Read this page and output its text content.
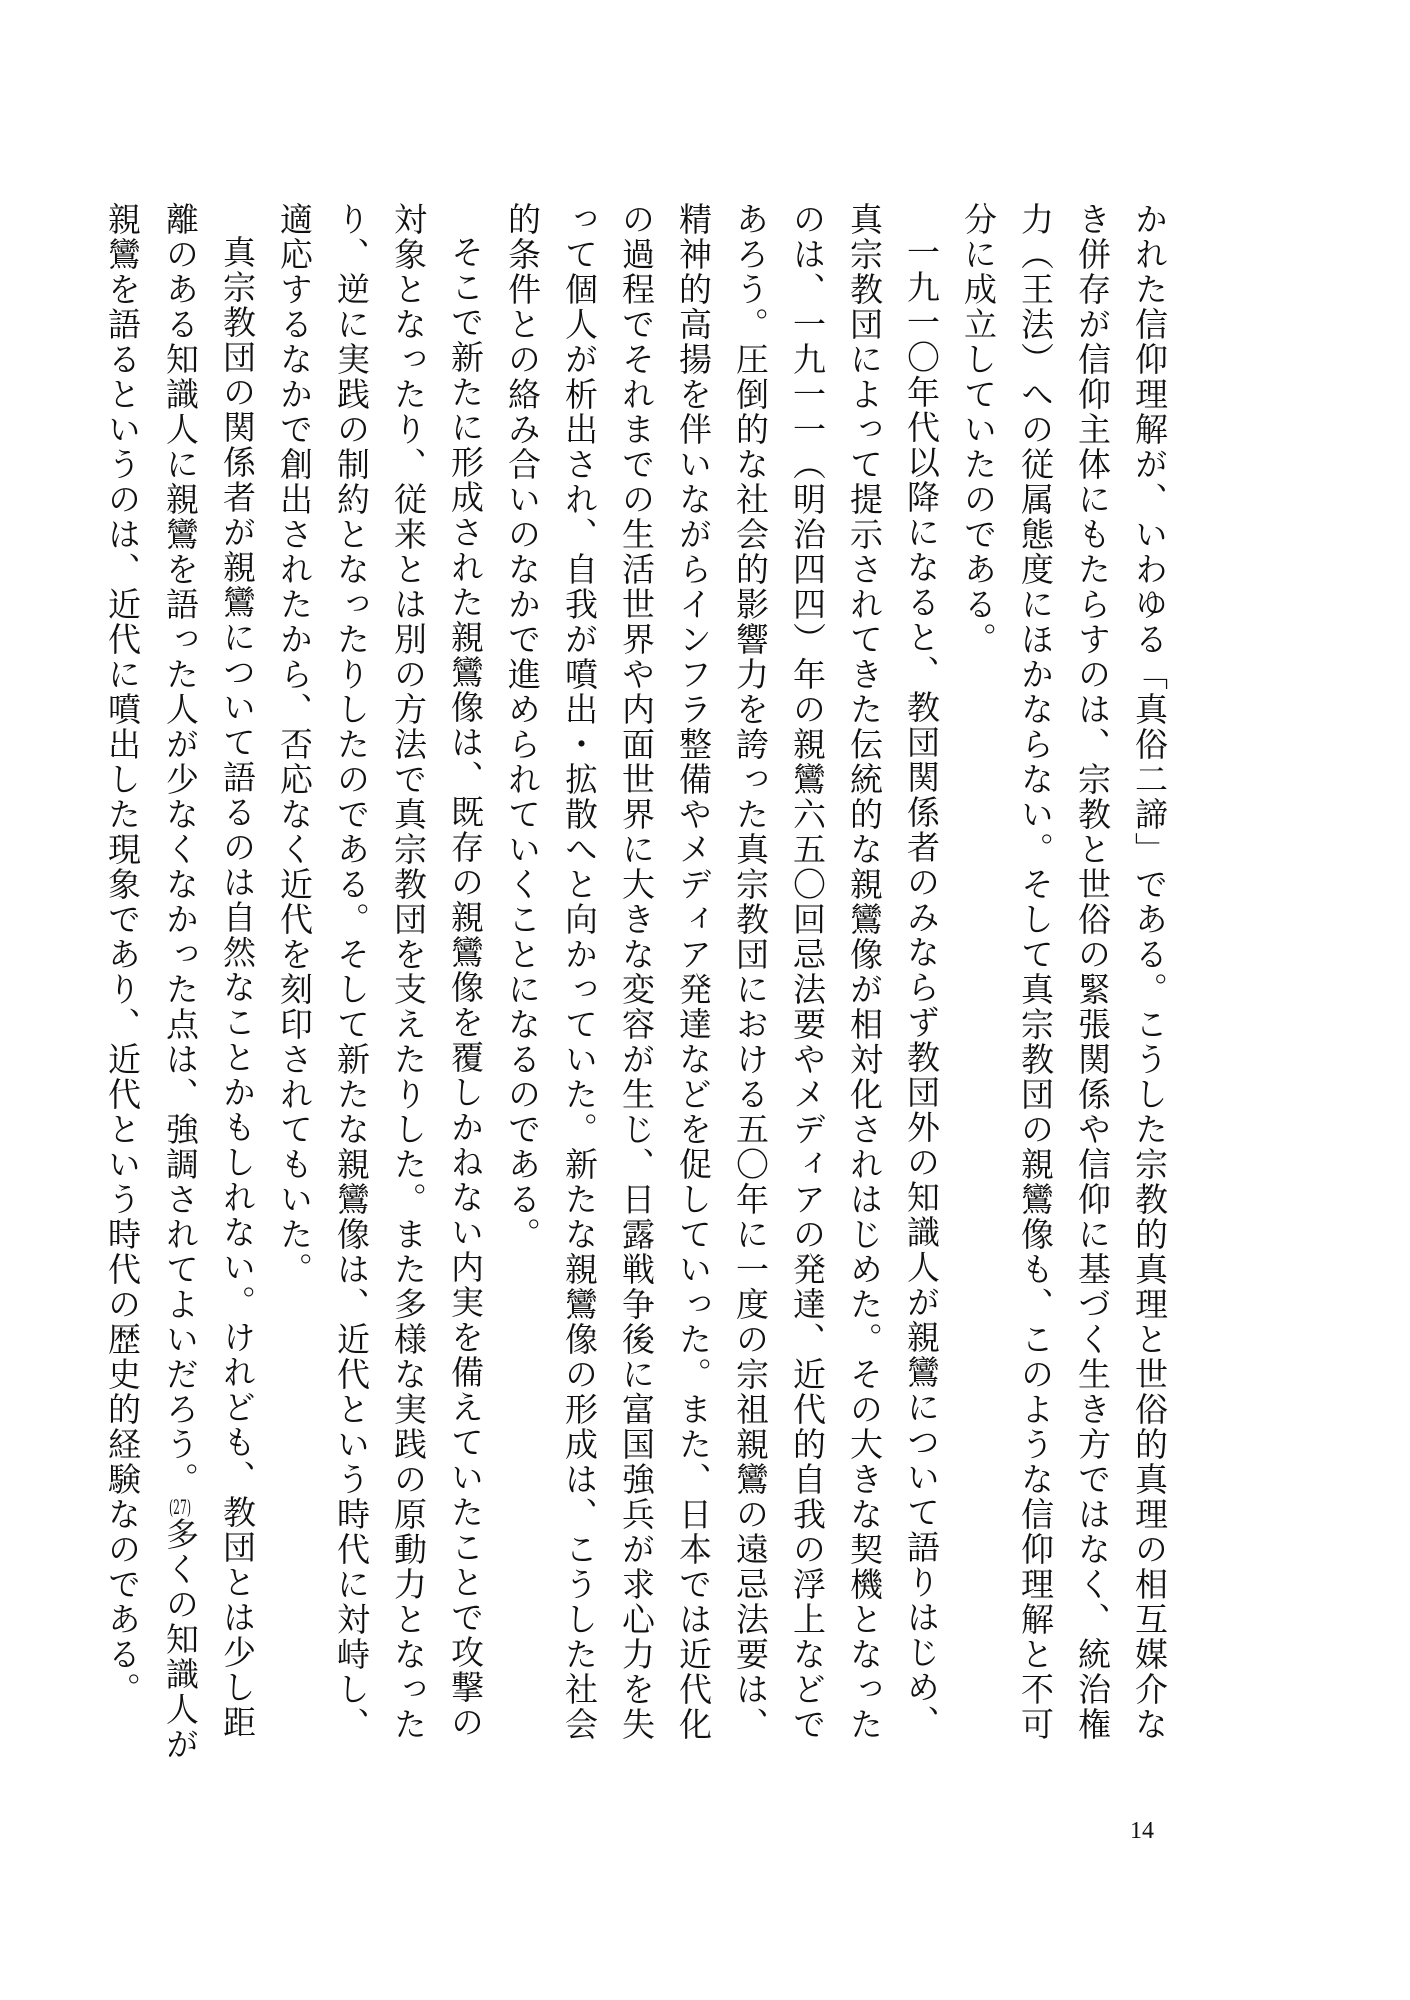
かれた信仰理解が、いわゆる「真俗二諦」である。こうした宗教的真理と世俗的真理の相互媒介なき併存が信仰主体にもたらすのは、宗教と世俗の緊張関係や信仰に基づく生き方ではなく、統治権力（王法）への従属態度にほかならない。そして真宗教団の親鸞像も、このような信仰理解と不可分に成立していたのである。

一九一〇年代以降になると、教団関係者のみならず教団外の知識人が親鸞について語りはじめ、真宗教団によって提示されてきた伝統的な親鸞像が相対化されはじめた。その大きな契機となったのは、一九一一（明治四四）年の親鸞六五〇回忌法要やメディアの発達、近代的自我の浮上などであろう。圧倒的な社会的影響力を誇った真宗教団における五〇年に一度の宗祖親鸞の遠忌法要は、精神的高揚を伴いながらインフラ整備やメディア発達などを促していった。また、日本では近代化の過程でそれまでの生活世界や内面世界に大きな変容が生じ、日露戦争後に富国強兵が求心力を失って個人が析出され、自我が噴出・拡散へと向かっていた。新たな親鸞像の形成は、こうした社会的条件との絡み合いのなかで進められていくことになるのである。

そこで新たに形成された親鸞像は、既存の親鸞像を覆しかねない内実を備えていたことで攻撃の対象となったり、従来とは別の方法で真宗教団を支えたりした。また多様な実践の原動力となったり、逆に実践の制約となったりしたのである。そして新たな親鸞像は、近代という時代に対峙し、適応するなかで創出されたから、否応なく近代を刻印されてもいた。

真宗教団の関係者が親鸞について語るのは自然なことかもしれない。けれども、教団とは少し距離のある知識人に親鸞を語った人が少なくなかった点は、強調されてよいだろう。(27)多くの知識人が親鸞を語るというのは、近代に噴出した現象であり、近代という時代の歴史的経験なのである。

14
